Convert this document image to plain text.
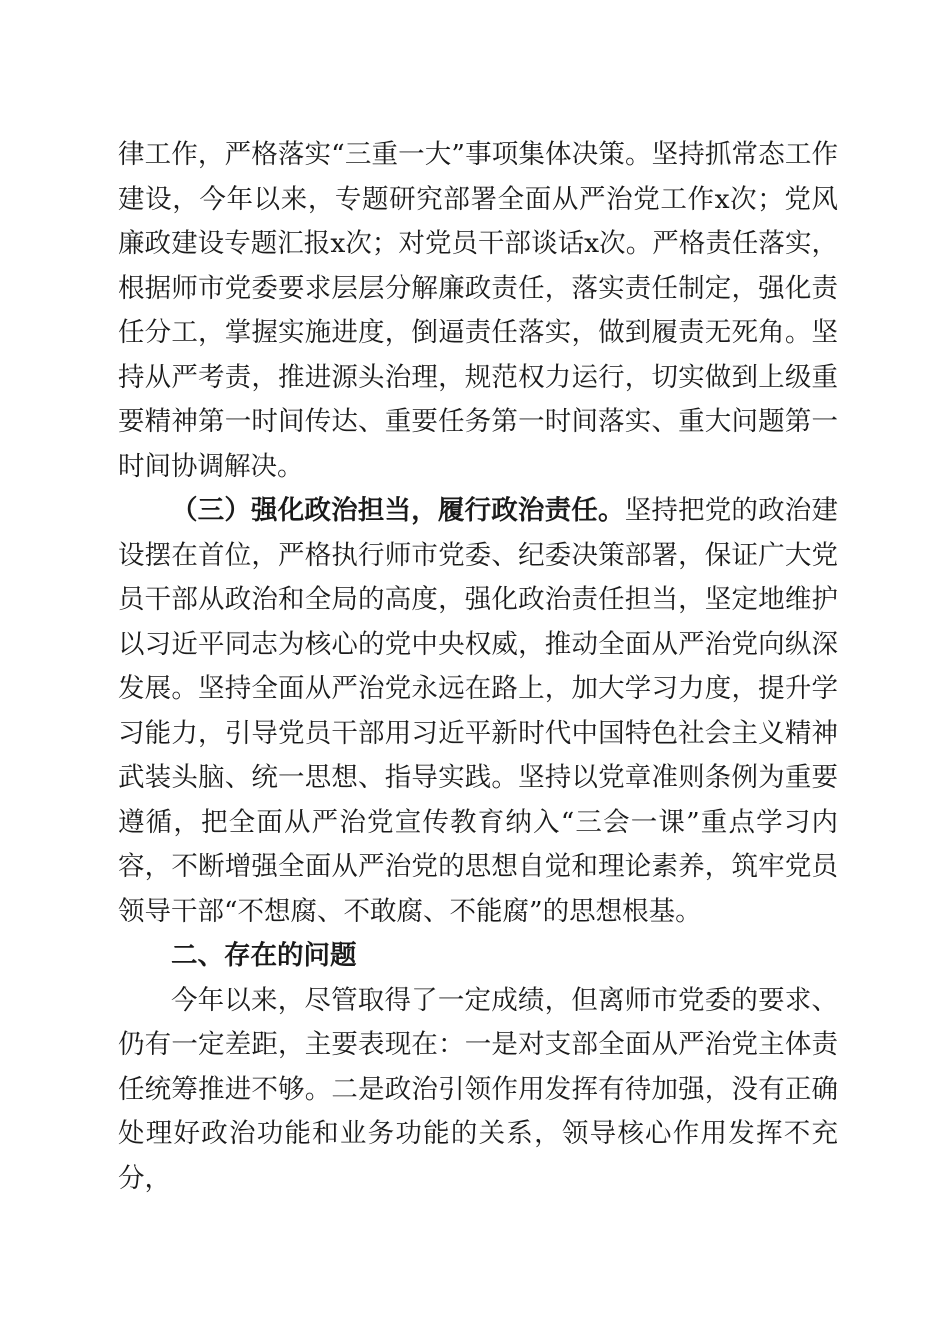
律工作，严格落实“三重一大”事项集体决策。坚持抓常态工作建设，今年以来，专题研究部署全面从严治党工作x次；党风廉政建设专题汇报x次；对党员干部谈话x次。严格责任落实，根据师市党委要求层层分解廉政责任，落实责任制定，强化责任分工，掌握实施进度，倒逼责任落实，做到履责无死角。坚持从严考责，推进源头治理，规范权力运行，切实做到上级重要精神第一时间传达、重要任务第一时间落实、重大问题第一时间协调解决。

（三）强化政治担当，履行政治责任。坚持把党的政治建设摆在首位，严格执行师市党委、纪委决策部署，保证广大党员干部从政治和全局的高度，强化政治责任担当，坚定地维护以习近平同志为核心的党中央权威，推动全面从严治党向纵深发展。坚持全面从严治党永远在路上，加大学习力度，提升学习能力，引导党员干部用习近平新时代中国特色社会主义精神武装头脑、统一思想、指导实践。坚持以党章准则条例为重要遵循，把全面从严治党宣传教育纳入“三会一课”重点学习内容，不断增强全面从严治党的思想自觉和理论素养，筑牢党员领导干部“不想腐、不敢腐、不能腐”的思想根基。

二、存在的问题

今年以来，尽管取得了一定成绩，但离师市党委的要求、仍有一定差距，主要表现在：一是对支部全面从严治党主体责任统筹推进不够。二是政治引领作用发挥有待加强，没有正确处理好政治功能和业务功能的关系，领导核心作用发挥不充分，
